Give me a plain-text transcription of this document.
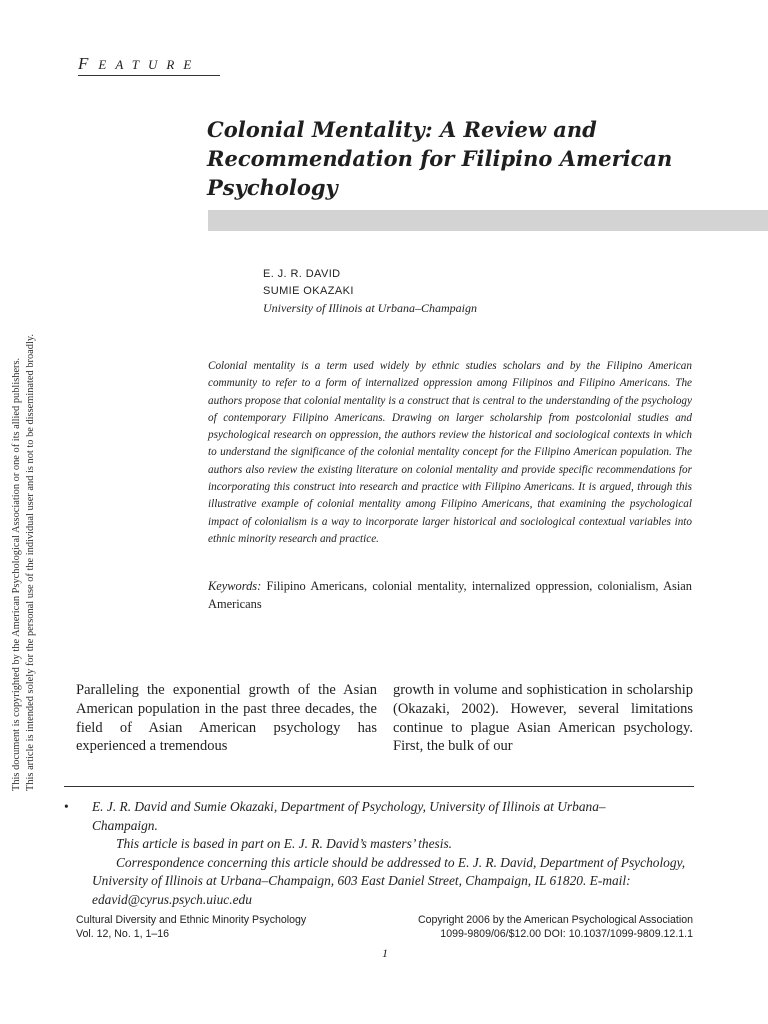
FEATURE
Colonial Mentality: A Review and Recommendation for Filipino American Psychology
E. J. R. DAVID
SUMIE OKAZAKI
University of Illinois at Urbana–Champaign
This document is copyrighted by the American Psychological Association or one of its allied publishers. This article is intended solely for the personal use of the individual user and is not to be disseminated broadly.	Colonial mentality is a term used widely by ethnic studies scholars and by the Filipino American community to refer to a form of internalized oppression among Filipinos and Filipino Americans. The authors propose that colonial mentality is a construct that is central to the understanding of the psychology of contemporary Filipino Americans. Drawing on larger scholarship from postcolonial studies and psychological research on oppression, the authors review the historical and sociological contexts in which to understand the significance of the colonial mentality concept for the Filipino American population. The authors also review the existing literature on colonial mentality and provide specific recommendations for incorporating this construct into research and practice with Filipino Americans. It is argued, through this illustrative example of colonial mentality among Filipino Americans, that examining the psychological impact of colonialism is a way to incorporate larger historical and sociological contextual variables into ethnic minority research and practice.

Keywords: Filipino Americans, colonial mentality, internalized oppression, colonialism, Asian Americans

Paralleling the exponential growth of the Asian American population in the past three decades, the field of Asian American psychology has experienced a tremendous

growth in volume and sophistication in scholarship (Okazaki, 2002). However, several limitations continue to plague Asian American psychology. First, the bulk of our

• E. J. R. David and Sumie Okazaki, Department of Psychology, University of Illinois at Urbana–

Champaign.

This article is based in part on E. J. R. David’s masters’ thesis.

Correspondence concerning this article should be addressed to E. J. R. David, Department of Psychology, University of Illinois at Urbana–Champaign, 603 East Daniel Street, Champaign, IL 61820. E-mail: edavid@cyrus.psych.uiuc.edu

Cultural Diversity and Ethnic Minority Psychology
Vol. 12, No. 1, 1–16
Copyright 2006 by the American Psychological Association
1099-9809/06/$12.00 DOI: 10.1037/1099-9809.12.1.1
1
